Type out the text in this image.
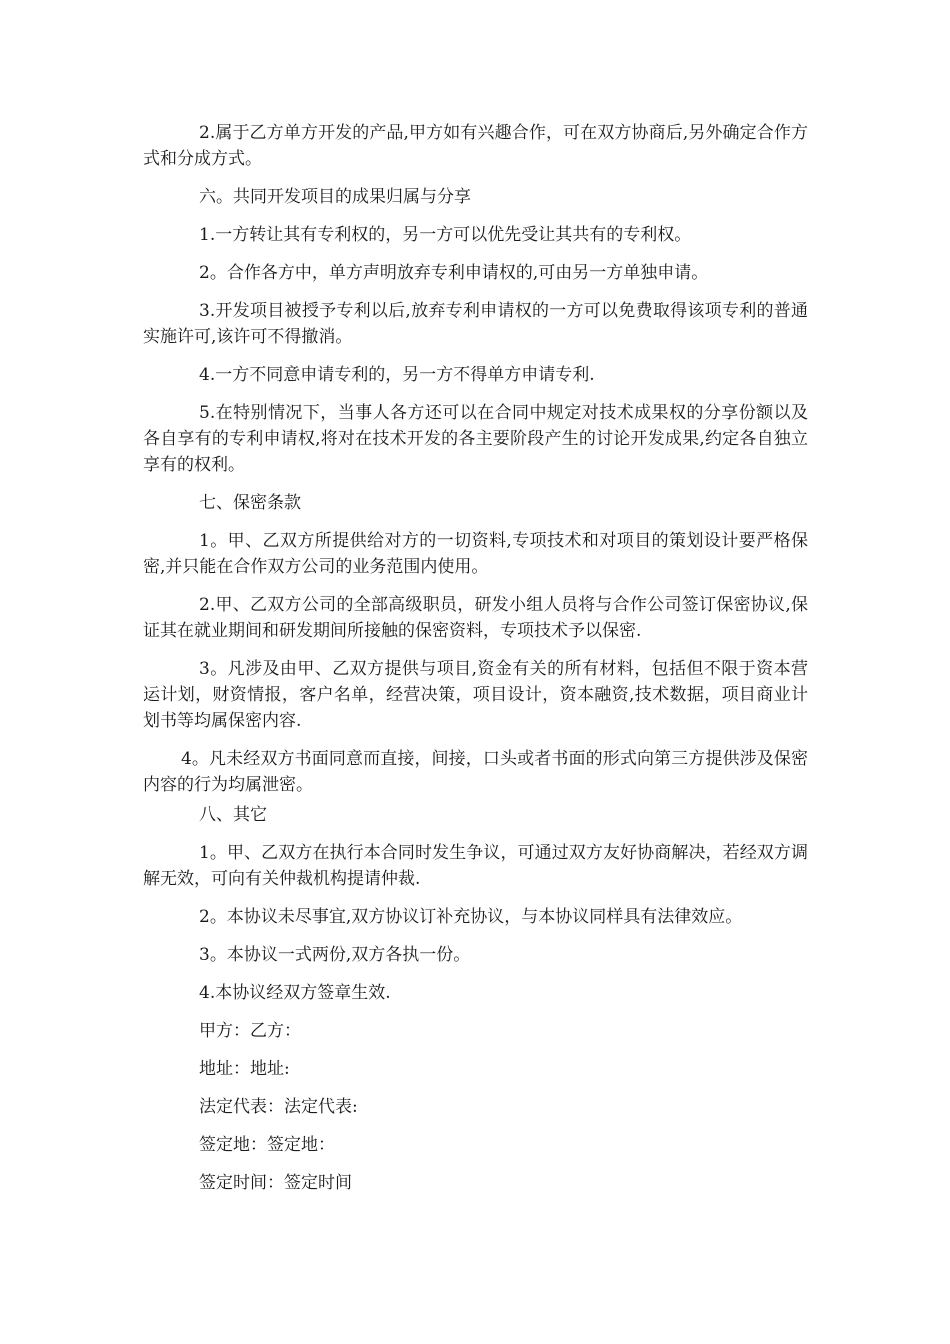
2.属于乙方单方开发的产品,甲方如有兴趣合作，可在双方协商后,另外确定合作方式和分成方式。

六。共同开发项目的成果归属与分享

1.一方转让其有专利权的，另一方可以优先受让其共有的专利权。

2。合作各方中，单方声明放弃专利申请权的,可由另一方单独申请。

3.开发项目被授予专利以后,放弃专利申请权的一方可以免费取得该项专利的普通实施许可,该许可不得撤消。

4.一方不同意申请专利的，另一方不得单方申请专利.

5.在特别情况下，当事人各方还可以在合同中规定对技术成果权的分享份额以及各自享有的专利申请权,将对在技术开发的各主要阶段产生的讨论开发成果,约定各自独立享有的权利。

七、保密条款

1。甲、乙双方所提供给对方的一切资料,专项技术和对项目的策划设计要严格保密,并只能在合作双方公司的业务范围内使用。

2.甲、乙双方公司的全部高级职员，研发小组人员将与合作公司签订保密协议,保证其在就业期间和研发期间所接触的保密资料，专项技术予以保密.

3。凡涉及由甲、乙双方提供与项目,资金有关的所有材料，包括但不限于资本营运计划，财资情报，客户名单，经营决策，项目设计，资本融资,技术数据，项目商业计划书等均属保密内容.

4。凡未经双方书面同意而直接，间接，口头或者书面的形式向第三方提供涉及保密内容的行为均属泄密。

八、其它

1。甲、乙双方在执行本合同时发生争议，可通过双方友好协商解决，若经双方调解无效，可向有关仲裁机构提请仲裁.

2。本协议未尽事宜,双方协议订补充协议，与本协议同样具有法律效应。

3。本协议一式两份,双方各执一份。

4.本协议经双方签章生效.

甲方：乙方：
地址：地址:
法定代表：法定代表:
签定地：签定地：
签定时间：签定时间
